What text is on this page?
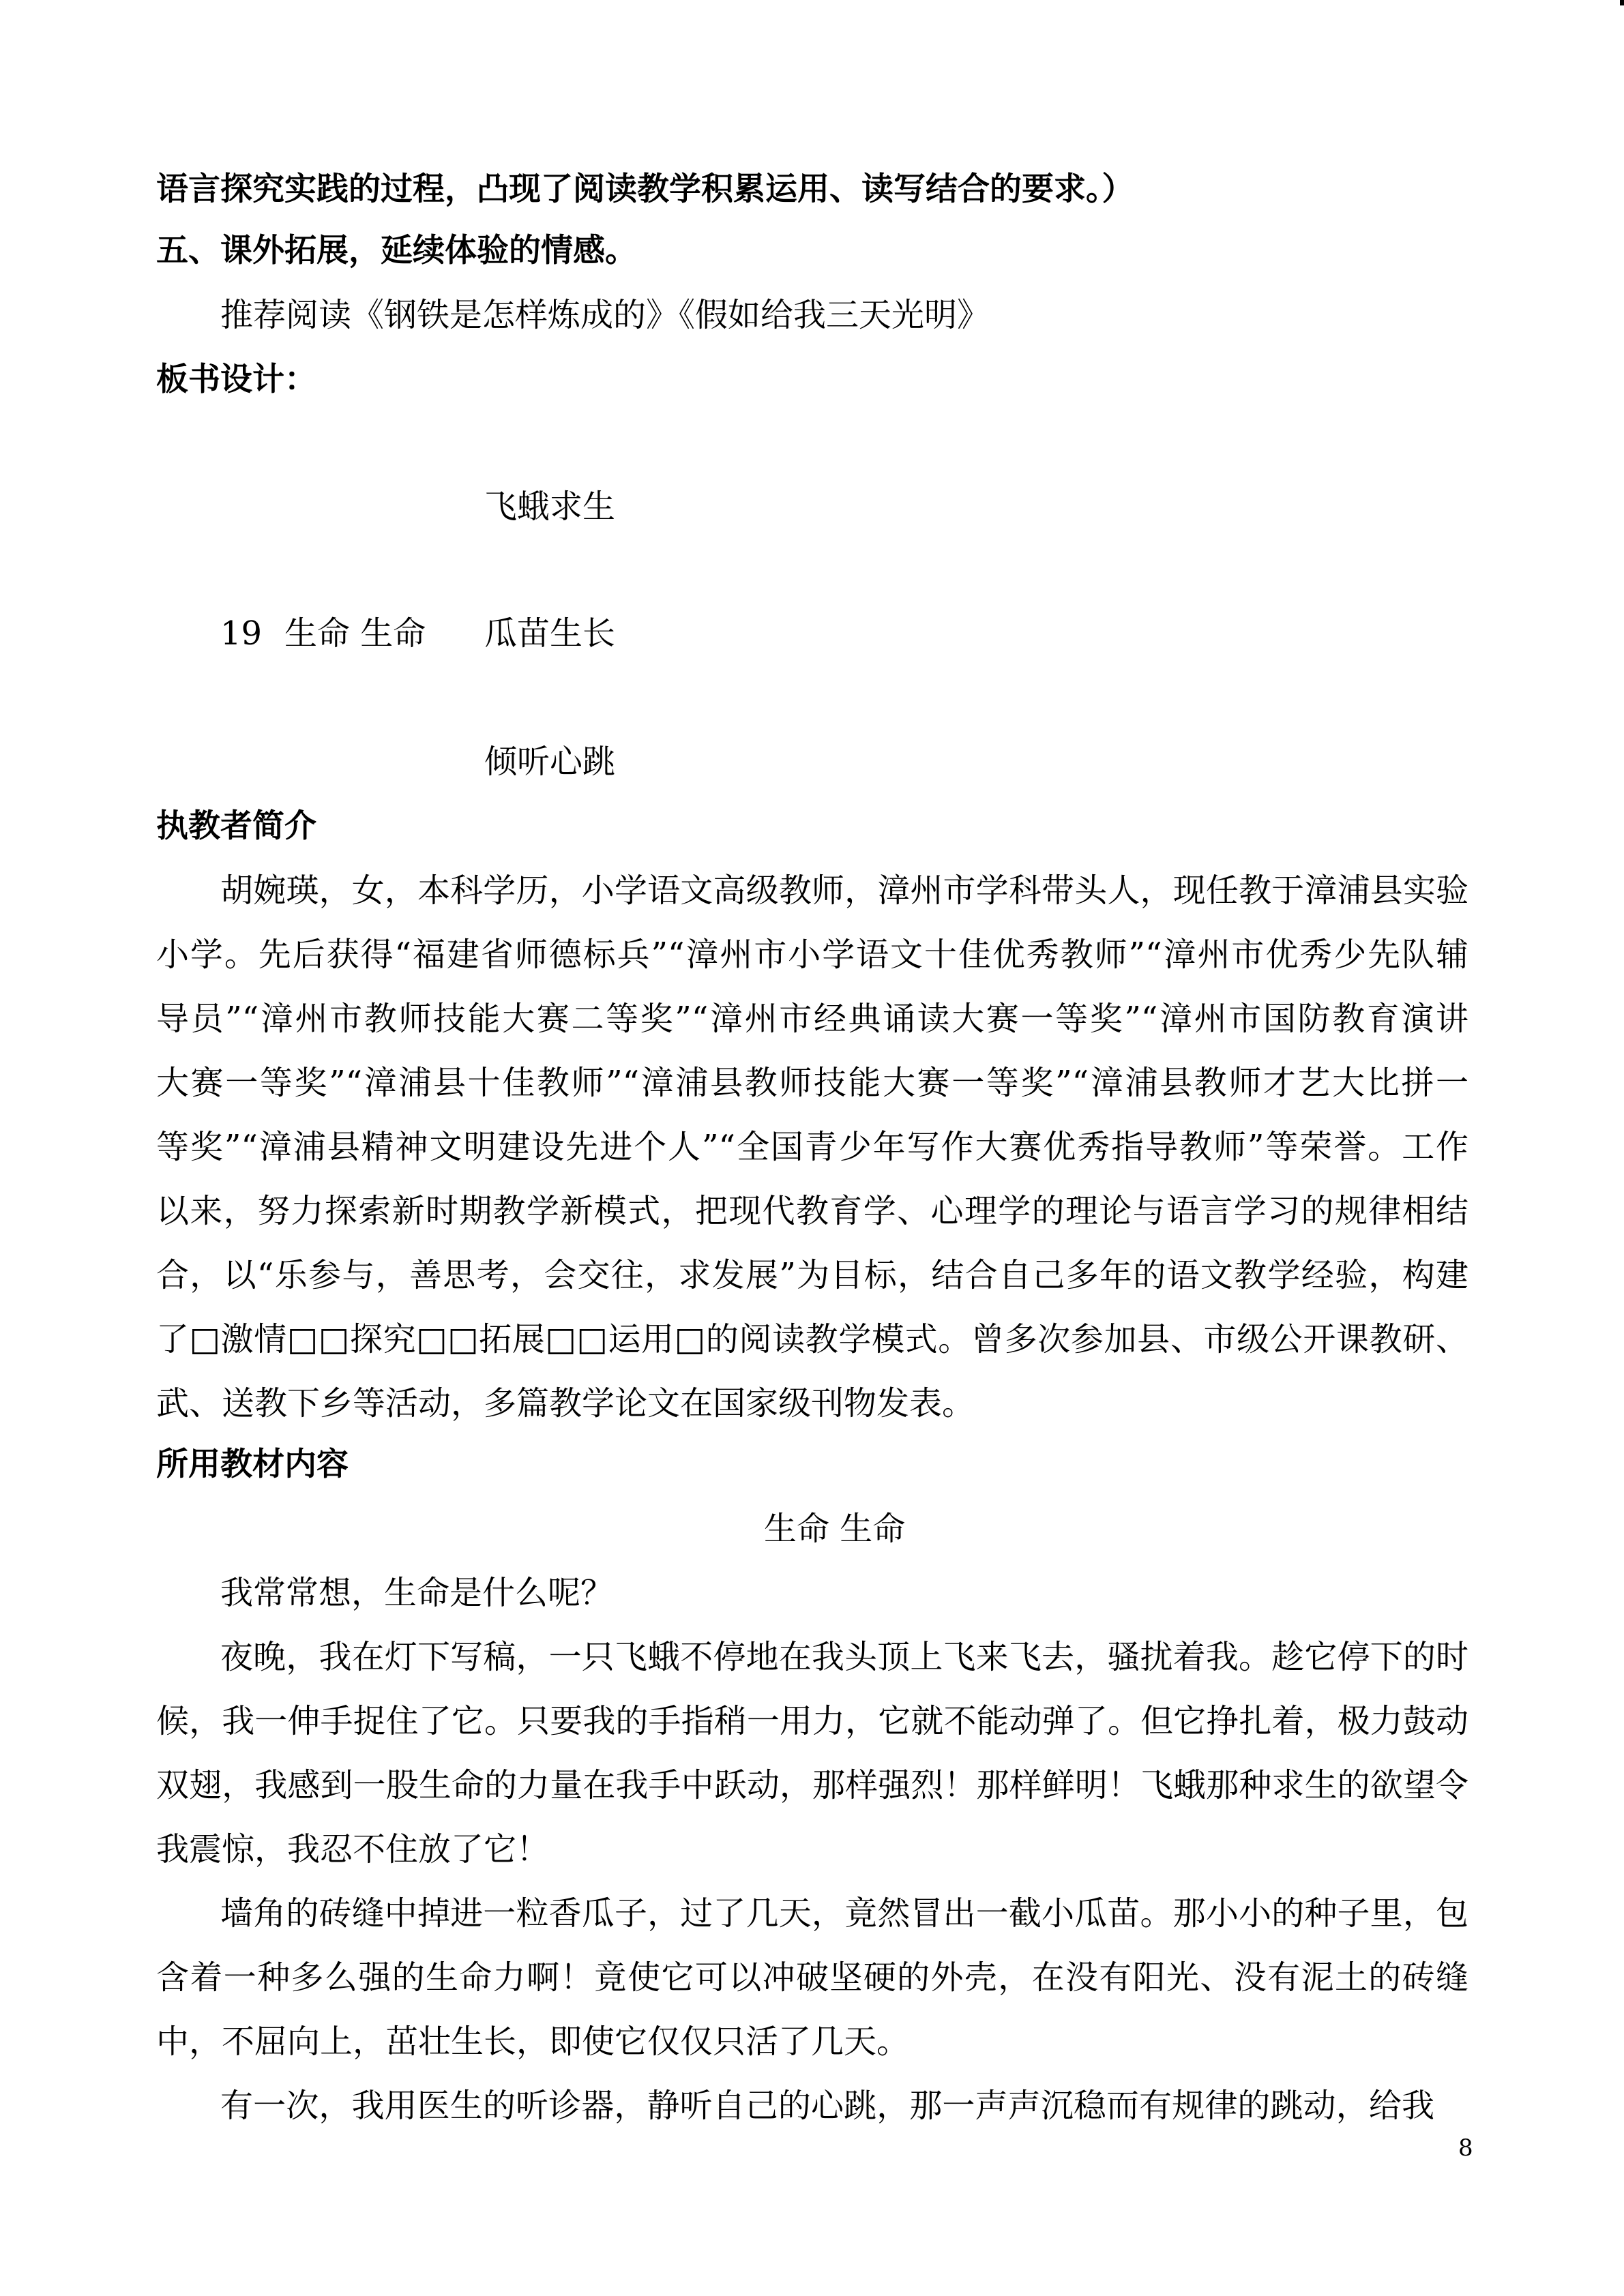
语言探究实践的过程，凸现了阅读教学积累运用、读写结合的要求。）
五、课外拓展，延续体验的情感。
推荐阅读《钢铁是怎样炼成的》《假如给我三天光明》
板书设计：
飞蛾求生
19 生命 生命 瓜苗生长
倾听心跳
执教者简介
胡婉瑛，女，本科学历，小学语文高级教师，漳州市学科带头人，现任教于漳浦县实验
小学。先后获得“福建省师德标兵”“漳州市小学语文十佳优秀教师”“漳州市优秀少先队辅
导员”“漳州市教师技能大赛二等奖”“漳州市经典诵读大赛一等奖”“漳州市国防教育演讲
大赛一等奖”“漳浦县十佳教师”“漳浦县教师技能大赛一等奖”“漳浦县教师才艺大比拼一
等奖”“漳浦县精神文明建设先进个人”“全国青少年写作大赛优秀指导教师”等荣誉。工作
以来，努力探索新时期教学新模式，把现代教育学、心理学的理论与语言学习的规律相结
合，以“乐参与，善思考，会交往，求发展”为目标，结合自己多年的语文教学经验，构建
了□激情□□探究□□拓展□□运用□的阅读教学模式。曾多次参加县、市级公开课教研、
武、送教下乡等活动，多篇教学论文在国家级刊物发表。
所用教材内容
生命 生命
我常常想，生命是什么呢？
夜晚，我在灯下写稿，一只飞蛾不停地在我头顶上飞来飞去，骚扰着我。趁它停下的时
候，我一伸手捉住了它。只要我的手指稍一用力，它就不能动弹了。但它挣扎着，极力鼓动
双翅，我感到一股生命的力量在我手中跃动，那样强烈！那样鲜明！飞蛾那种求生的欲望令
我震惊，我忍不住放了它！
墙角的砖缝中掉进一粒香瓜子，过了几天，竟然冒出一截小瓜苗。那小小的种子里，包
含着一种多么强的生命力啊！竟使它可以冲破坚硬的外壳，在没有阳光、没有泥土的砖缝
中，不屈向上，茁壮生长，即使它仅仅只活了几天。
有一次，我用医生的听诊器，静听自己的心跳，那一声声沉稳而有规律的跳动，给我
8
